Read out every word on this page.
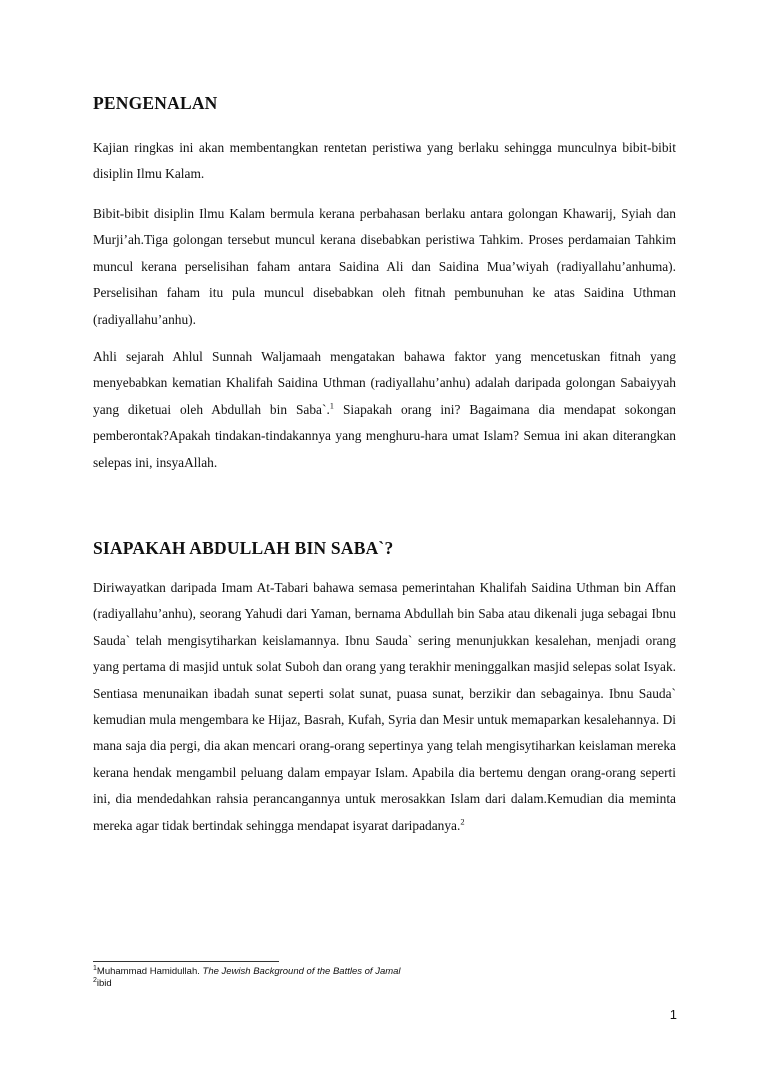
PENGENALAN

Kajian ringkas ini akan membentangkan rentetan peristiwa yang berlaku sehingga munculnya bibit-bibit disiplin Ilmu Kalam.

Bibit-bibit disiplin Ilmu Kalam bermula kerana perbahasan berlaku antara golongan Khawarij, Syiah dan Murji’ah.Tiga golongan tersebut muncul kerana disebabkan peristiwa Tahkim. Proses perdamaian Tahkim muncul kerana perselisihan faham antara Saidina Ali dan Saidina Mua’wiyah (radiyallahu’anhuma). Perselisihan faham itu pula muncul disebabkan oleh fitnah pembunuhan ke atas Saidina Uthman (radiyallahu’anhu).

Ahli sejarah Ahlul Sunnah Waljamaah mengatakan bahawa faktor yang mencetuskan fitnah yang menyebabkan kematian Khalifah Saidina Uthman (radiyallahu’anhu) adalah daripada golongan Sabaiyyah yang diketuai oleh Abdullah bin Saba`.$^1$ Siapakah orang ini? Bagaimana dia mendapat sokongan pemberontak?Apakah tindakan-tindakannya yang menghuru-hara umat Islam? Semua ini akan diterangkan selepas ini, insyaAllah.

SIAPAKAH ABDULLAH BIN SABA`?

Diriwayatkan daripada Imam At-Tabari bahawa semasa pemerintahan Khalifah Saidina Uthman bin Affan (radiyallahu’anhu), seorang Yahudi dari Yaman, bernama Abdullah bin Saba atau dikenali juga sebagai Ibnu Sauda` telah mengisytiharkan keislamannya. Ibnu Sauda` sering menunjukkan kesalehan, menjadi orang yang pertama di masjid untuk solat Suboh dan orang yang terakhir meninggalkan masjid selepas solat Isyak. Sentiasa menunaikan ibadah sunat seperti solat sunat, puasa sunat, berzikir dan sebagainya. Ibnu Sauda` kemudian mula mengembara ke Hijaz, Basrah, Kufah, Syria dan Mesir untuk memaparkan kesalehannya. Di mana saja dia pergi, dia akan mencari orang-orang sepertinya yang telah mengisytiharkan keislaman mereka kerana hendak mengambil peluang dalam empayar Islam. Apabila dia bertemu dengan orang-orang seperti ini, dia mendedahkan rahsia perancangannya untuk merosakkan Islam dari dalam.Kemudian dia meminta mereka agar tidak bertindak sehingga mendapat isyarat daripadanya.$^2$

$^1$Muhammad Hamidullah. The Jewish Background of the Battles of Jamal

$^2$ibid

1
